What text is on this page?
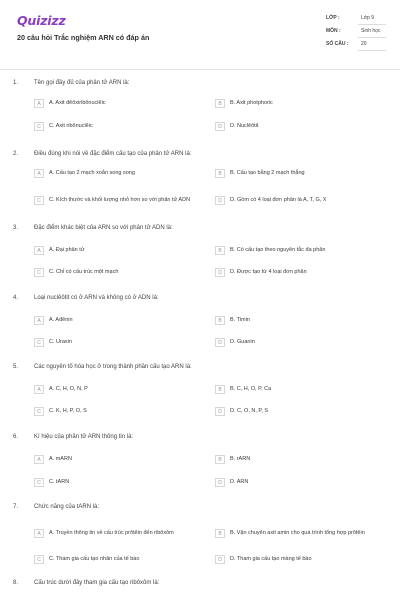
Quizizz
20 câu hỏi Trắc nghiệm ARN có đáp án
LỚP :	Lớp 9
MÔN :	Sinh học
SỐ CÂU :	20
1.	Tên gọi đầy đủ của phân tử ARN là:
A	A. Axit đêôxiribônuclêic	B	B. Axit photphoric
C	C. Axit ribônuclêic	D	D. Nuclêôtit
2.	Điều đúng khi nói về đặc điểm cấu tạo của phân tử ARN là:
A	A. Cấu tạo 2 mạch xoắn song song	B	B. Cấu tạo bằng 2 mạch thẳng
C	C. Kích thước và khối lượng nhỏ hơn so với phân tử ADN	D	D. Gồm có 4 loại đơn phân là A, T, G, X
3.	Đặc điểm khác biệt của ARN so với phân tử ADN là:
A	A. Đại phân tử	B	B. Có cấu tạo theo nguyên tắc đa phân
C	C. Chỉ có cấu trúc một mạch	D	D. Được tạo từ 4 loại đơn phân
4.	Loại nuclêôtit có ở ARN và không có ở ADN là:
A	A. Ađênin	B	B. Timin
C	C. Uraxin	D	D. Guanin
5.	Các nguyên tố hóa học ở trong thành phần cấu tạo ARN là:
A	A. C, H, O, N, P	B	B. C, H, O, P, Ca
C	C. K, H, P, O, S	D	D. C, O, N, P, S
6.	Kí hiệu của phân tử ARN thông tin là:
A	A. mARN	B	B. rARN
C	C. tARN	D	D. ARN
7.	Chức năng của tARN là:
A	A. Truyền thông tin về cấu trúc prôtêin đến ribôxôm	B	B. Vận chuyển axit amin cho quá trình tổng hợp prôtêin
C	C. Tham gia cấu tạo nhân của tế bào	D	D. Tham gia cấu tạo màng tế bào
8.	Cấu trúc dưới đây tham gia cấu tạo ribôxôm là:
